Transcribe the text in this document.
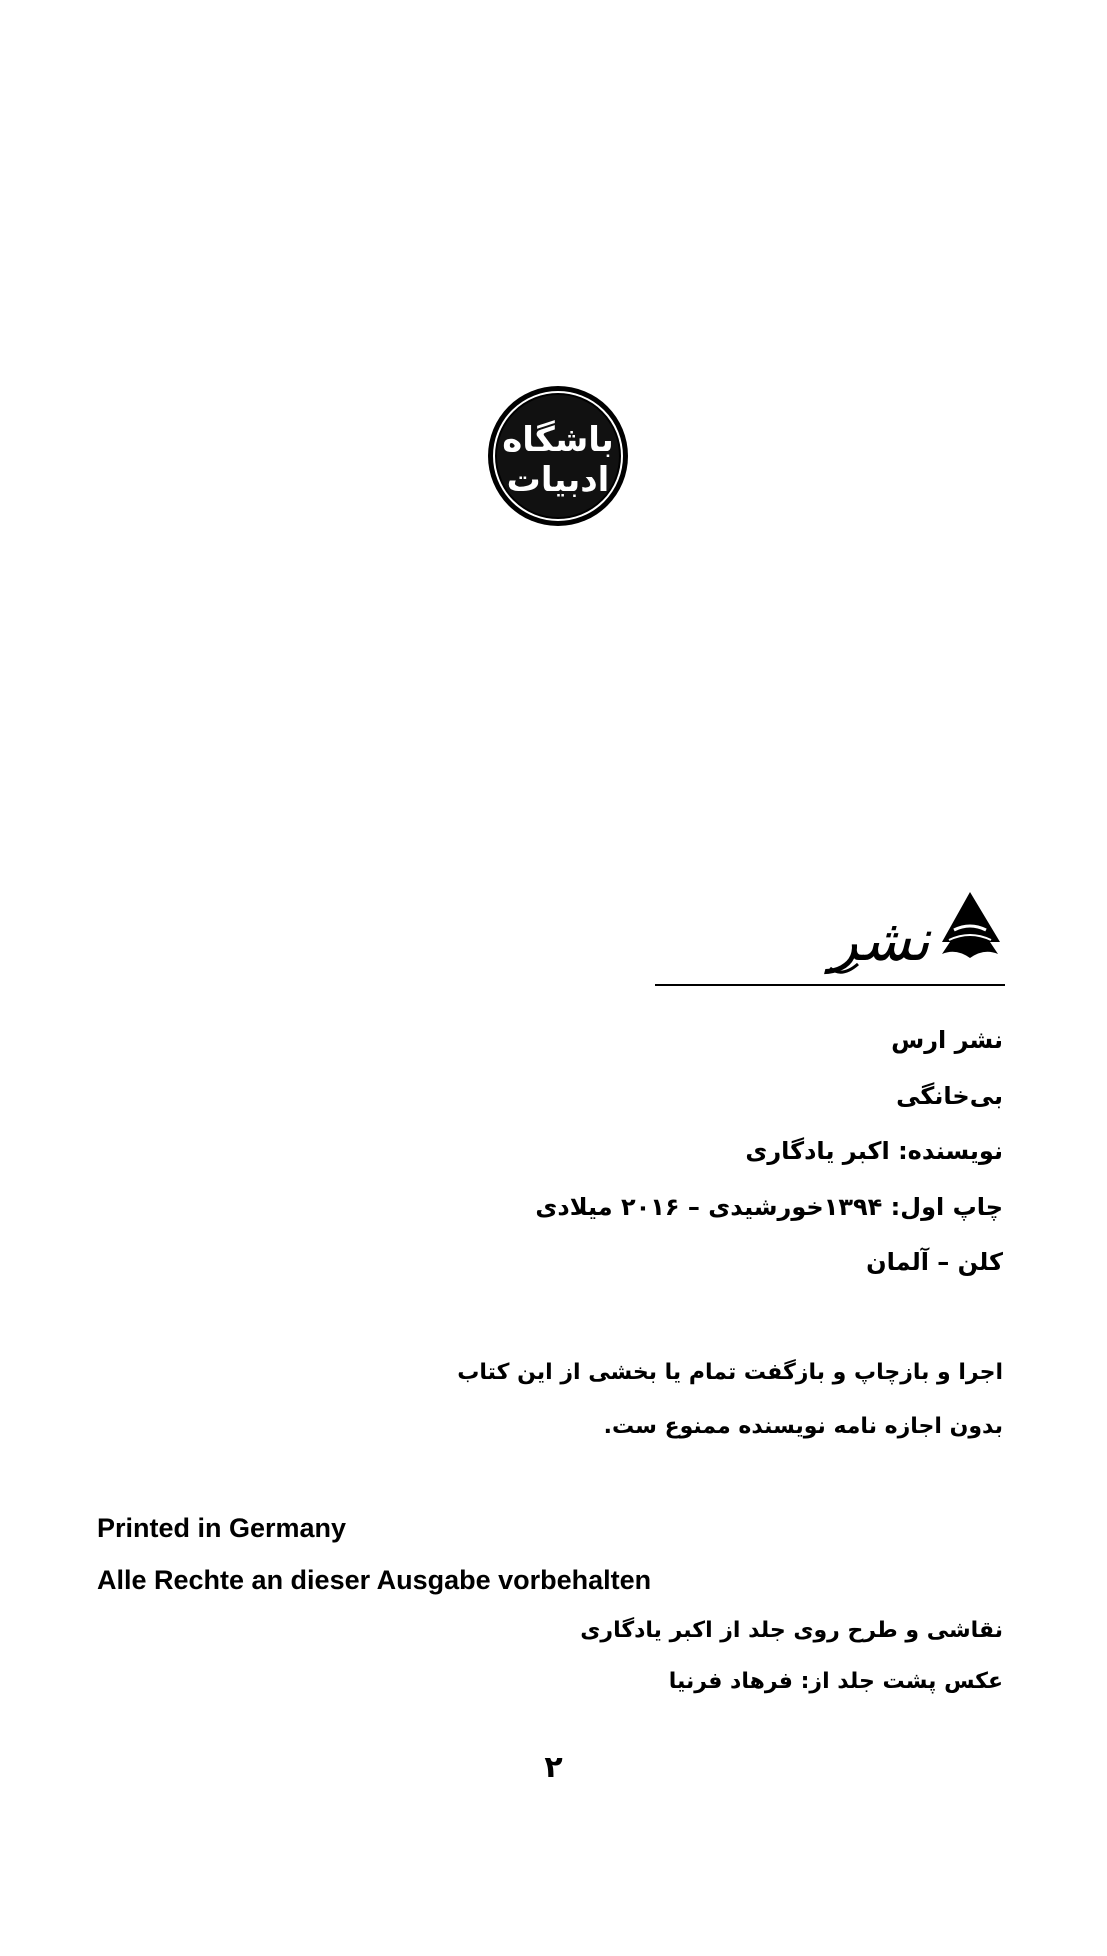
باشگاه
ادبیات
نشر
نشر ارس
بی‌خانگی
نویسنده: اکبر یادگاری
چاپ اول: ۱۳۹۴خورشیدی – ۲۰۱۶ میلادی
کلن – آلمان
اجرا و بازچاپ و بازگفت تمام یا بخشی از این کتاب
بدون اجازه نامه نویسنده ممنوع ست.
Printed in Germany
Alle Rechte an dieser Ausgabe vorbehalten
نقاشی و طرح روی جلد از اکبر یادگاری
عکس پشت جلد از: فرهاد فرنیا
۲
